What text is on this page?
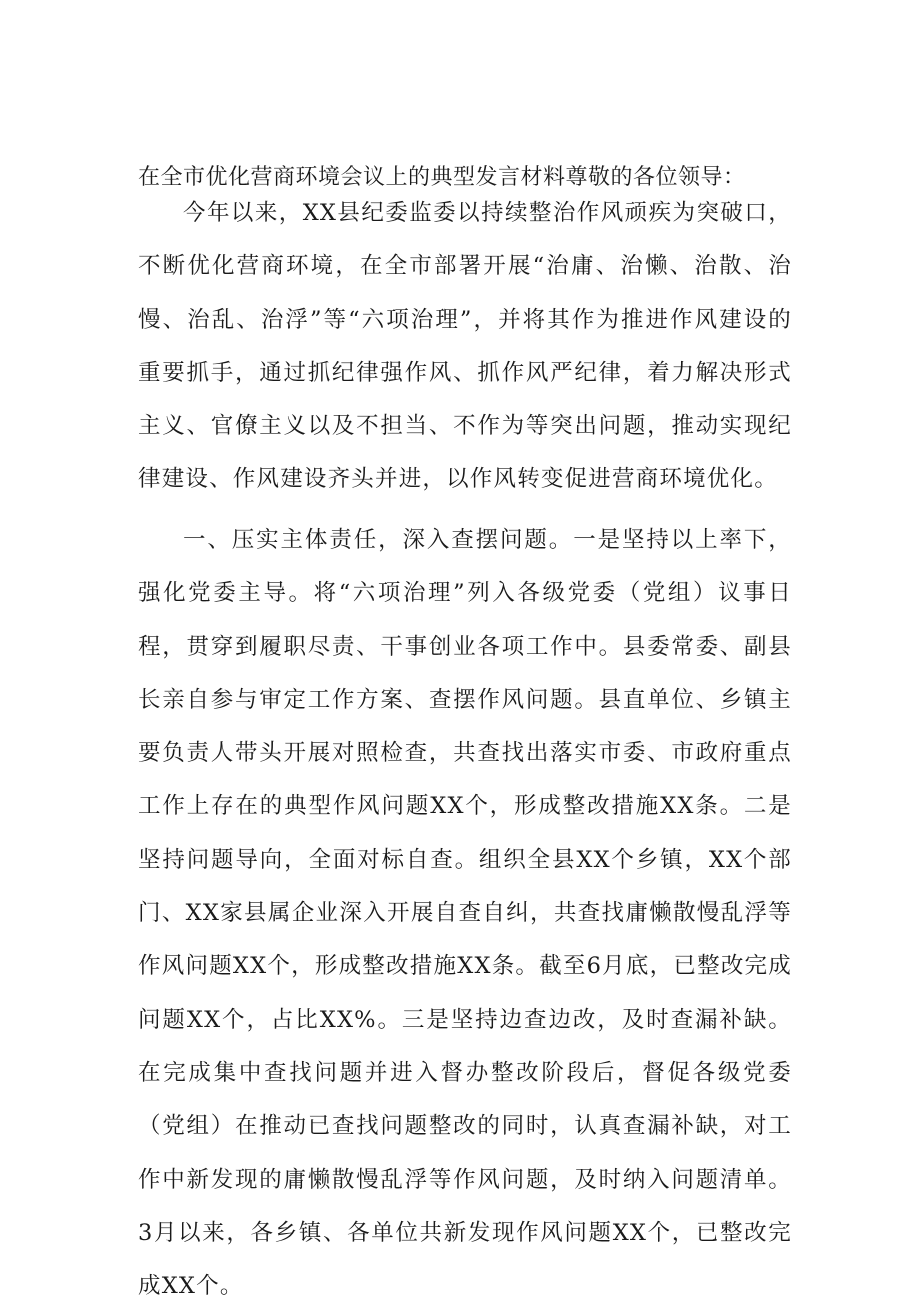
在全市优化营商环境会议上的典型发言材料尊敬的各位领导：

今年以来，XX县纪委监委以持续整治作风顽疾为突破口，不断优化营商环境，在全市部署开展“治庸、治懒、治散、治慢、治乱、治浮”等“六项治理”，并将其作为推进作风建设的重要抓手，通过抓纪律强作风、抓作风严纪律，着力解决形式主义、官僚主义以及不担当、不作为等突出问题，推动实现纪律建设、作风建设齐头并进，以作风转变促进营商环境优化。

一、压实主体责任，深入查摆问题。一是坚持以上率下，强化党委主导。将“六项治理”列入各级党委（党组）议事日程，贯穿到履职尽责、干事创业各项工作中。县委常委、副县长亲自参与审定工作方案、查摆作风问题。县直单位、乡镇主要负责人带头开展对照检查，共查找出落实市委、市政府重点工作上存在的典型作风问题XX个，形成整改措施XX条。二是坚持问题导向，全面对标自查。组织全县XX个乡镇，XX个部门、XX家县属企业深入开展自查自纠，共查找庸懒散慢乱浮等作风问题XX个，形成整改措施XX条。截至6月底，已整改完成问题XX个，占比XX%。三是坚持边查边改，及时查漏补缺。在完成集中查找问题并进入督办整改阶段后，督促各级党委（党组）在推动已查找问题整改的同时，认真查漏补缺，对工作中新发现的庸懒散慢乱浮等作风问题，及时纳入问题清单。3月以来，各乡镇、各单位共新发现作风问题XX个，已整改完成XX个。
